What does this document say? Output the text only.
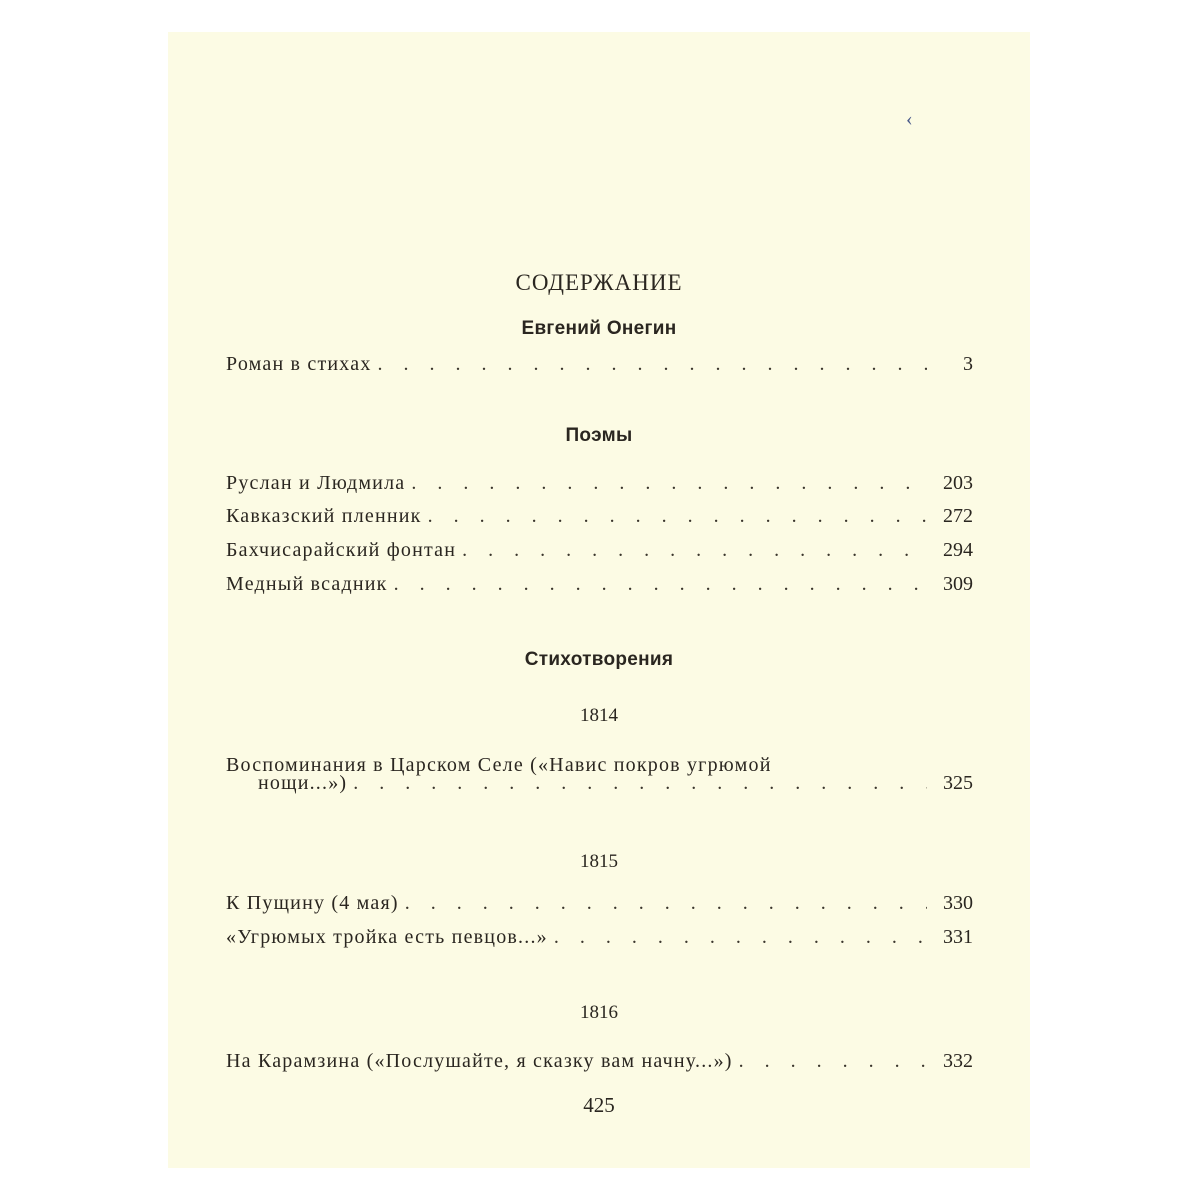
‹
СОДЕРЖАНИЕ
Евгений Онегин
Роман в стихах . . .	3
Поэмы
Руслан и Людмила . . .	203
Кавказский пленник . . .	272
Бахчисарайский фонтан . . .	294
Медный всадник . . .	309
Стихотворения
1814
Воспоминания в Царском Селе («Навис покров угрюмой
нощи...») . . .	325
1815
К Пущину (4 мая) . . .	330
«Угрюмых тройка есть певцов...» . . .	331
1816
На Карамзина («Послушайте, я сказку вам начну...») . . .	332
425
